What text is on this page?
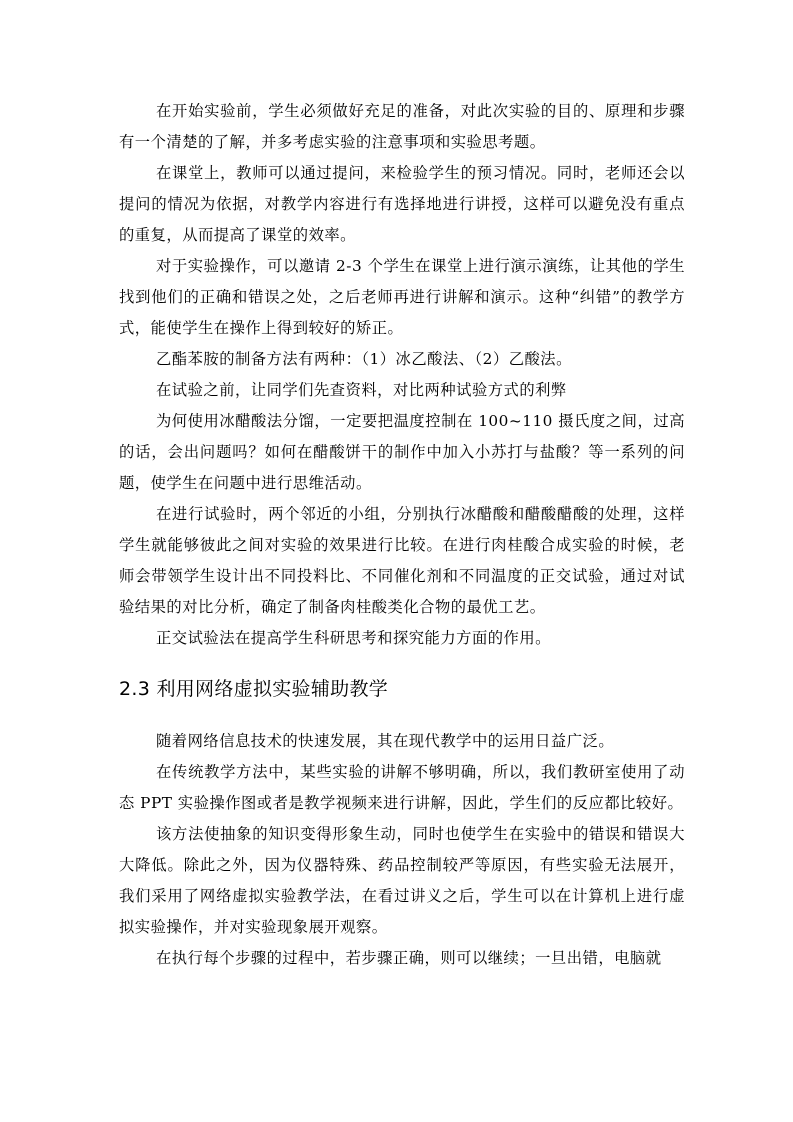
在开始实验前，学生必须做好充足的准备，对此次实验的目的、原理和步骤有一个清楚的了解，并多考虑实验的注意事项和实验思考题。

在课堂上，教师可以通过提问，来检验学生的预习情况。同时，老师还会以提问的情况为依据，对教学内容进行有选择地进行讲授，这样可以避免没有重点的重复，从而提高了课堂的效率。

对于实验操作，可以邀请 2-3 个学生在课堂上进行演示演练，让其他的学生找到他们的正确和错误之处，之后老师再进行讲解和演示。这种“纠错”的教学方式，能使学生在操作上得到较好的矫正。

乙酯苯胺的制备方法有两种：（1）冰乙酸法、（2）乙酸法。

在试验之前，让同学们先查资料，对比两种试验方式的利弊

为何使用冰醋酸法分馏，一定要把温度控制在 100~110 摄氏度之间，过高的话，会出问题吗？如何在醋酸饼干的制作中加入小苏打与盐酸？等一系列的问题，使学生在问题中进行思维活动。

在进行试验时，两个邻近的小组，分别执行冰醋酸和醋酸醋酸的处理，这样学生就能够彼此之间对实验的效果进行比较。在进行肉桂酸合成实验的时候，老师会带领学生设计出不同投料比、不同催化剂和不同温度的正交试验，通过对试验结果的对比分析，确定了制备肉桂酸类化合物的最优工艺。

正交试验法在提高学生科研思考和探究能力方面的作用。

2.3 利用网络虚拟实验辅助教学

随着网络信息技术的快速发展，其在现代教学中的运用日益广泛。

在传统教学方法中，某些实验的讲解不够明确，所以，我们教研室使用了动态 PPT 实验操作图或者是教学视频来进行讲解，因此，学生们的反应都比较好。

该方法使抽象的知识变得形象生动，同时也使学生在实验中的错误和错误大大降低。除此之外，因为仪器特殊、药品控制较严等原因，有些实验无法展开，我们采用了网络虚拟实验教学法，在看过讲义之后，学生可以在计算机上进行虚拟实验操作，并对实验现象展开观察。

在执行每个步骤的过程中，若步骤正确，则可以继续；一旦出错，电脑就
